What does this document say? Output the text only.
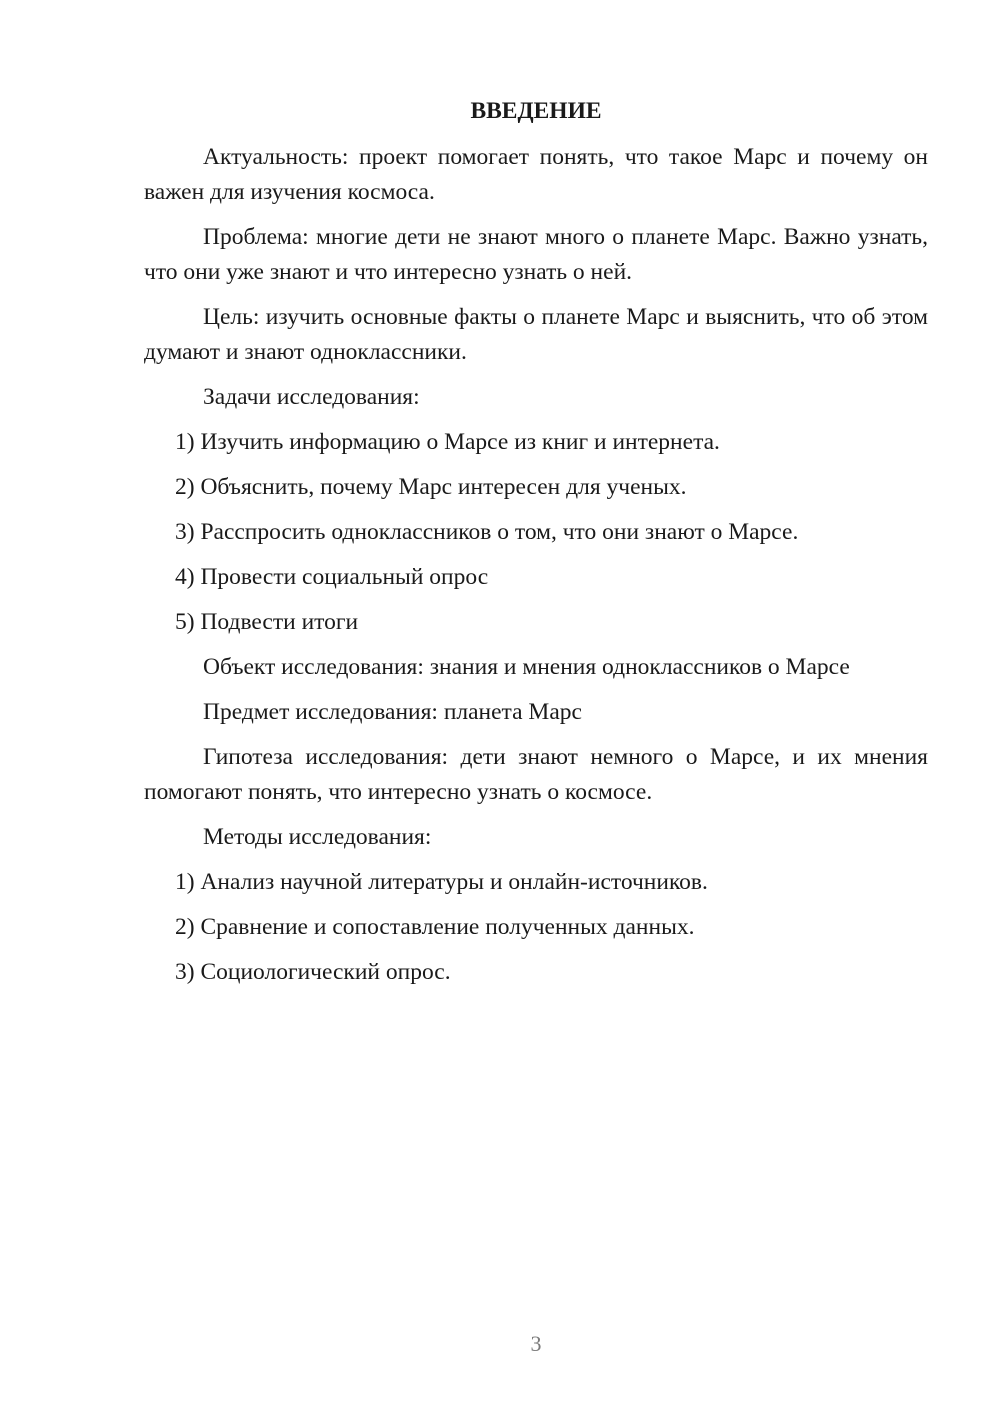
ВВЕДЕНИЕ
Актуальность: проект помогает понять, что такое Марс и почему он важен для изучения космоса.
Проблема: многие дети не знают много о планете Марс. Важно узнать, что они уже знают и что интересно узнать о ней.
Цель: изучить основные факты о планете Марс и выяснить, что об этом думают и знают одноклассники.
Задачи исследования:
1) Изучить информацию о Марсе из книг и интернета.
2) Объяснить, почему Марс интересен для ученых.
3) Расспросить одноклассников о том, что они знают о Марсе.
4) Провести социальный опрос
5) Подвести итоги
Объект исследования: знания и мнения одноклассников о Марсе
Предмет исследования: планета Марс
Гипотеза исследования: дети знают немного о Марсе, и их мнения помогают понять, что интересно узнать о космосе.
Методы исследования:
1) Анализ научной литературы и онлайн-источников.
2) Сравнение и сопоставление полученных данных.
3) Социологический опрос.
3
